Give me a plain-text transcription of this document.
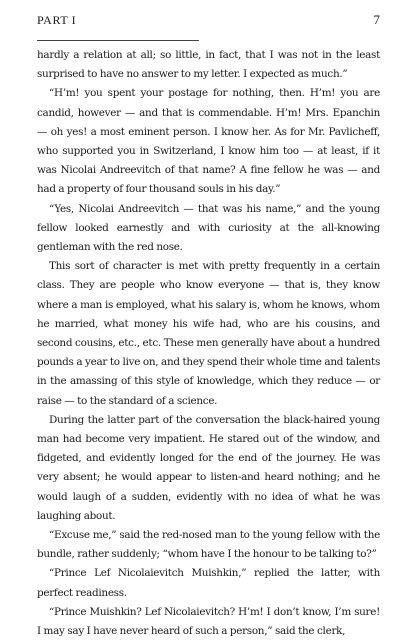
PART I	7

hardly a relation at all; so little, in fact, that I was not in the least surprised to have no answer to my letter. I expected as much.”

“H’m! you spent your postage for nothing, then. H’m! you are candid, however — and that is commendable. H’m! Mrs. Epanchin — oh yes! a most eminent person. I know her. As for Mr. Pavlicheff, who supported you in Switzerland, I know him too — at least, if it was Nicolai Andreevitch of that name? A fine fellow he was — and had a property of four thousand souls in his day.”

“Yes, Nicolai Andreevitch — that was his name,” and the young fellow looked earnestly and with curiosity at the all-knowing gentleman with the red nose.

This sort of character is met with pretty frequently in a certain class. They are people who know everyone — that is, they know where a man is employed, what his salary is, whom he knows, whom he married, what money his wife had, who are his cousins, and second cousins, etc., etc. These men generally have about a hundred pounds a year to live on, and they spend their whole time and talents in the amassing of this style of knowledge, which they reduce — or raise — to the standard of a science.

During the latter part of the conversation the black-haired young man had become very impatient. He stared out of the window, and fidgeted, and evidently longed for the end of the journey. He was very absent; he would appear to listen-and heard nothing; and he would laugh of a sudden, evidently with no idea of what he was laughing about.

“Excuse me,” said the red-nosed man to the young fellow with the bundle, rather suddenly; “whom have I the honour to be talking to?”

“Prince Lef Nicolaievitch Muishkin,” replied the latter, with perfect readiness.

“Prince Muishkin? Lef Nicolaievitch? H’m! I don’t know, I’m sure! I may say I have never heard of such a person,” said the clerk,
